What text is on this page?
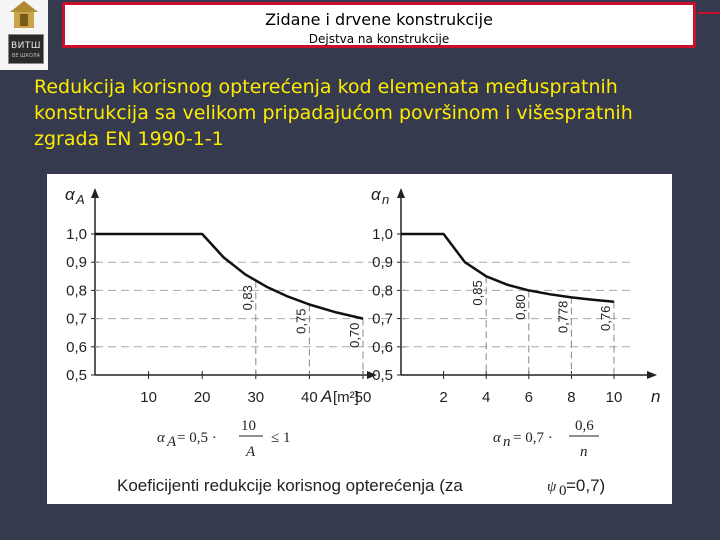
ВИТШ
ВЕ ШКОЛА
Zidane i drvene konstrukcije
Dejstva na konstrukcije
Redukcija korisnog opterećenja kod elemenata međuspratnih konstrukcija sa velikom pripadajućom površinom i višespratnih zgrada EN 1990-1-1
α A
1,0
0,9
0,8
0,7
0,6
0,5
10 20 30 40 50
A [m²]
0,83
0,75
0,70
α n
1,0
0,9
0,8
0,7
0,6
0,5
2 4 6 8 10 n
0,85
0,80 0,778 0,76
α A = 0,5 ·
10
A
≤ 1	α n = 0,7 ·
0,6
n
Koeficijenti redukcije korisnog opterećenja (za	ψ 0 =0,7)
